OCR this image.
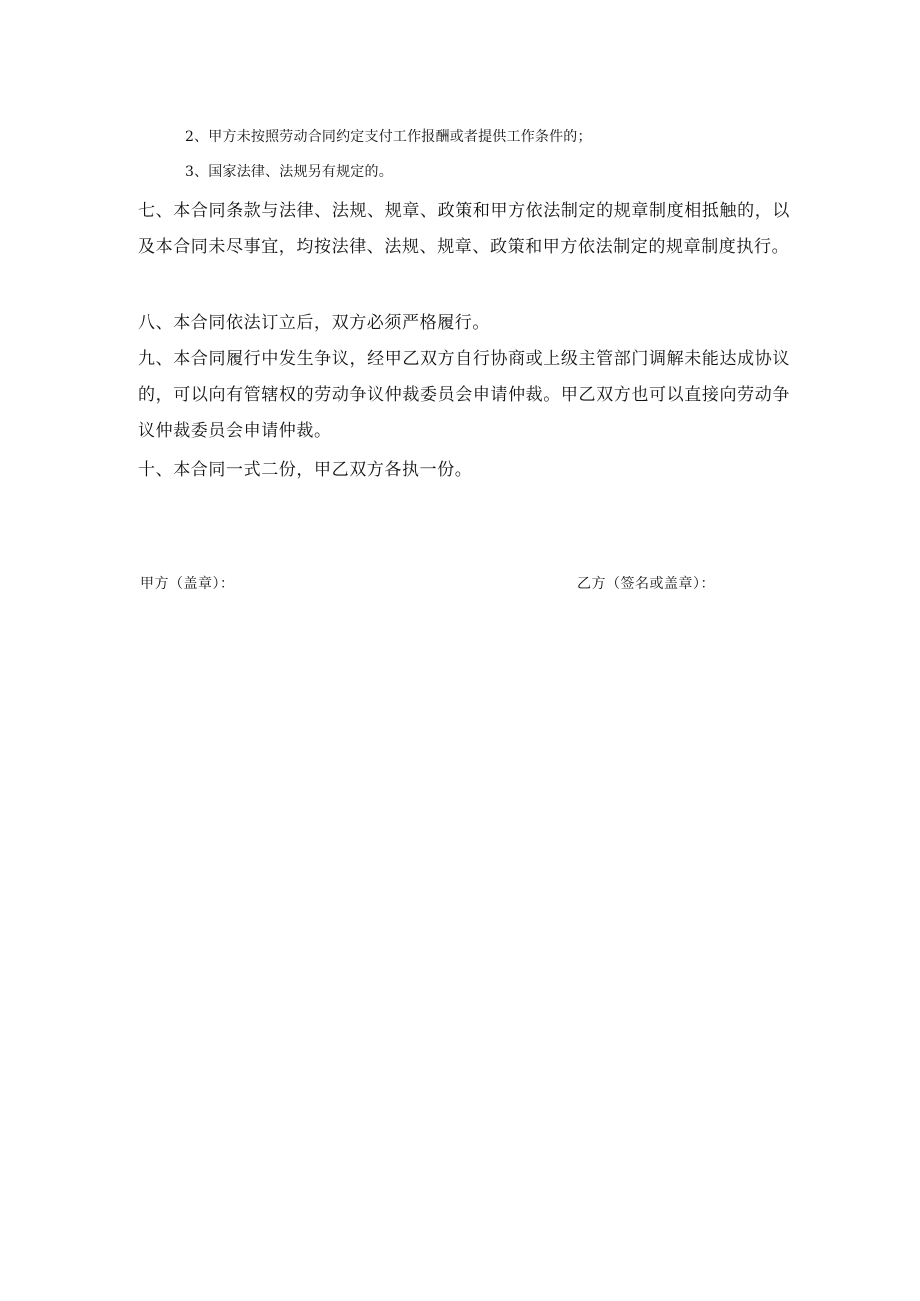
2、甲方未按照劳动合同约定支付工作报酬或者提供工作条件的；
3、国家法律、法规另有规定的。
七、本合同条款与法律、法规、规章、政策和甲方依法制定的规章制度相抵触的，以及本合同未尽事宜，均按法律、法规、规章、政策和甲方依法制定的规章制度执行。
八、本合同依法订立后，双方必须严格履行。
九、本合同履行中发生争议，经甲乙双方自行协商或上级主管部门调解未能达成协议的，可以向有管辖权的劳动争议仲裁委员会申请仲裁。甲乙双方也可以直接向劳动争议仲裁委员会申请仲裁。
十、本合同一式二份，甲乙双方各执一份。
甲方（盖章）：	乙方（签名或盖章）：
